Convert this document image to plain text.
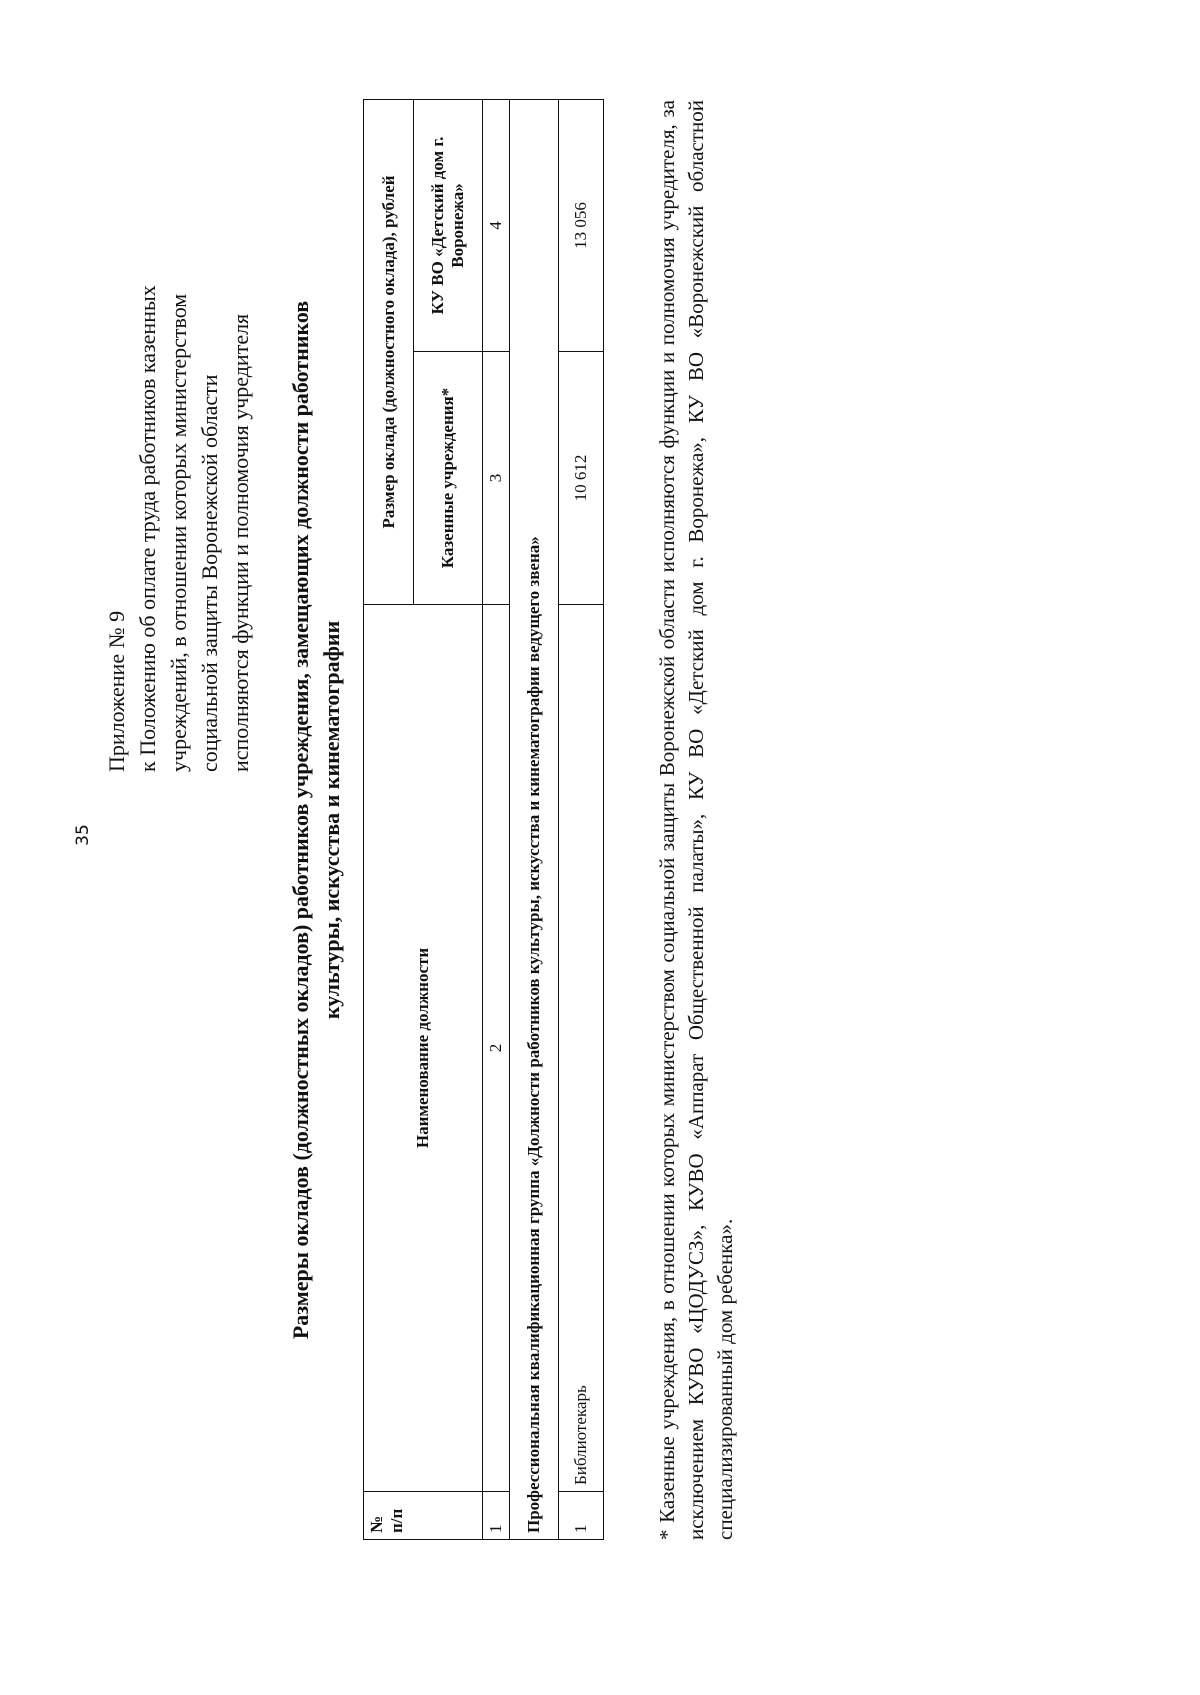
35
Приложение № 9 к Положению об оплате труда работников казенных учреждений, в отношении которых министерством социальной защиты Воронежской области исполняются функции и полномочия учредителя Размеры окладов (должностных окладов) работников учреждения, замещающих должности работников культуры, искусства и кинематографии
№ п/п	Наименование должности	Размер оклада (должностного оклада), рублей	
		Казенные учреждения*	КУ ВО «Детский дом г. Воронежа»
1	2	3	4
Профессиональная квалификационная группа «Должности работников культуры, искусства и кинематографии ведущего звена»			
1	Библиотекарь	10 612	13 056	* Казенные учреждения, в отношении которых министерством социальной защиты Воронежской области исполняются функции и полномочия учредителя, за исключением КУВО «ЦОДУСЗ», КУВО «Аппарат Общественной палаты», КУ ВО «Детский дом г. Воронежа», КУ ВО «Воронежский областной специализированный дом ребенка».
